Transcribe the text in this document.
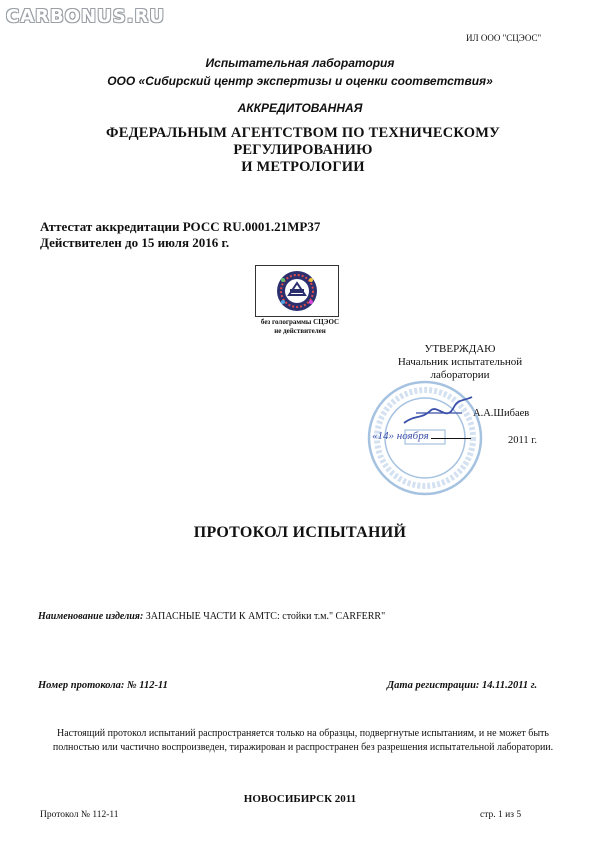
CARBONUS.RU
ИЛ ООО "СЦЭОС"
Испытательная лаборатория
ООО «Сибирский центр экспертизы и оценки соответствия»
АККРЕДИТОВАННАЯ
ФЕДЕРАЛЬНЫМ АГЕНТСТВОМ ПО ТЕХНИЧЕСКОМУ РЕГУЛИРОВАНИЮ
И МЕТРОЛОГИИ
Аттестат аккредитации РОСС RU.0001.21МР37
Действителен до 15 июля 2016 г.
без голограммы СЦЭОС
не действителен
УТВЕРЖДАЮ
Начальник испытательной
лаборатории
А.А.Шибаев
«14» ноября	2011 г.
ПРОТОКОЛ ИСПЫТАНИЙ
Наименование изделия: ЗАПАСНЫЕ ЧАСТИ К АМТС: стойки т.м." CARFERR"
Номер протокола: № 112-11	Дата регистрации: 14.11.2011 г.
Настоящий протокол испытаний распространяется только на образцы, подвергнутые испытаниям, и не может быть
полностью или частично воспроизведен, тиражирован и распространен без разрешения испытательной лаборатории.
НОВОСИБИРСК 2011
Протокол № 112-11	стр. 1 из 5
